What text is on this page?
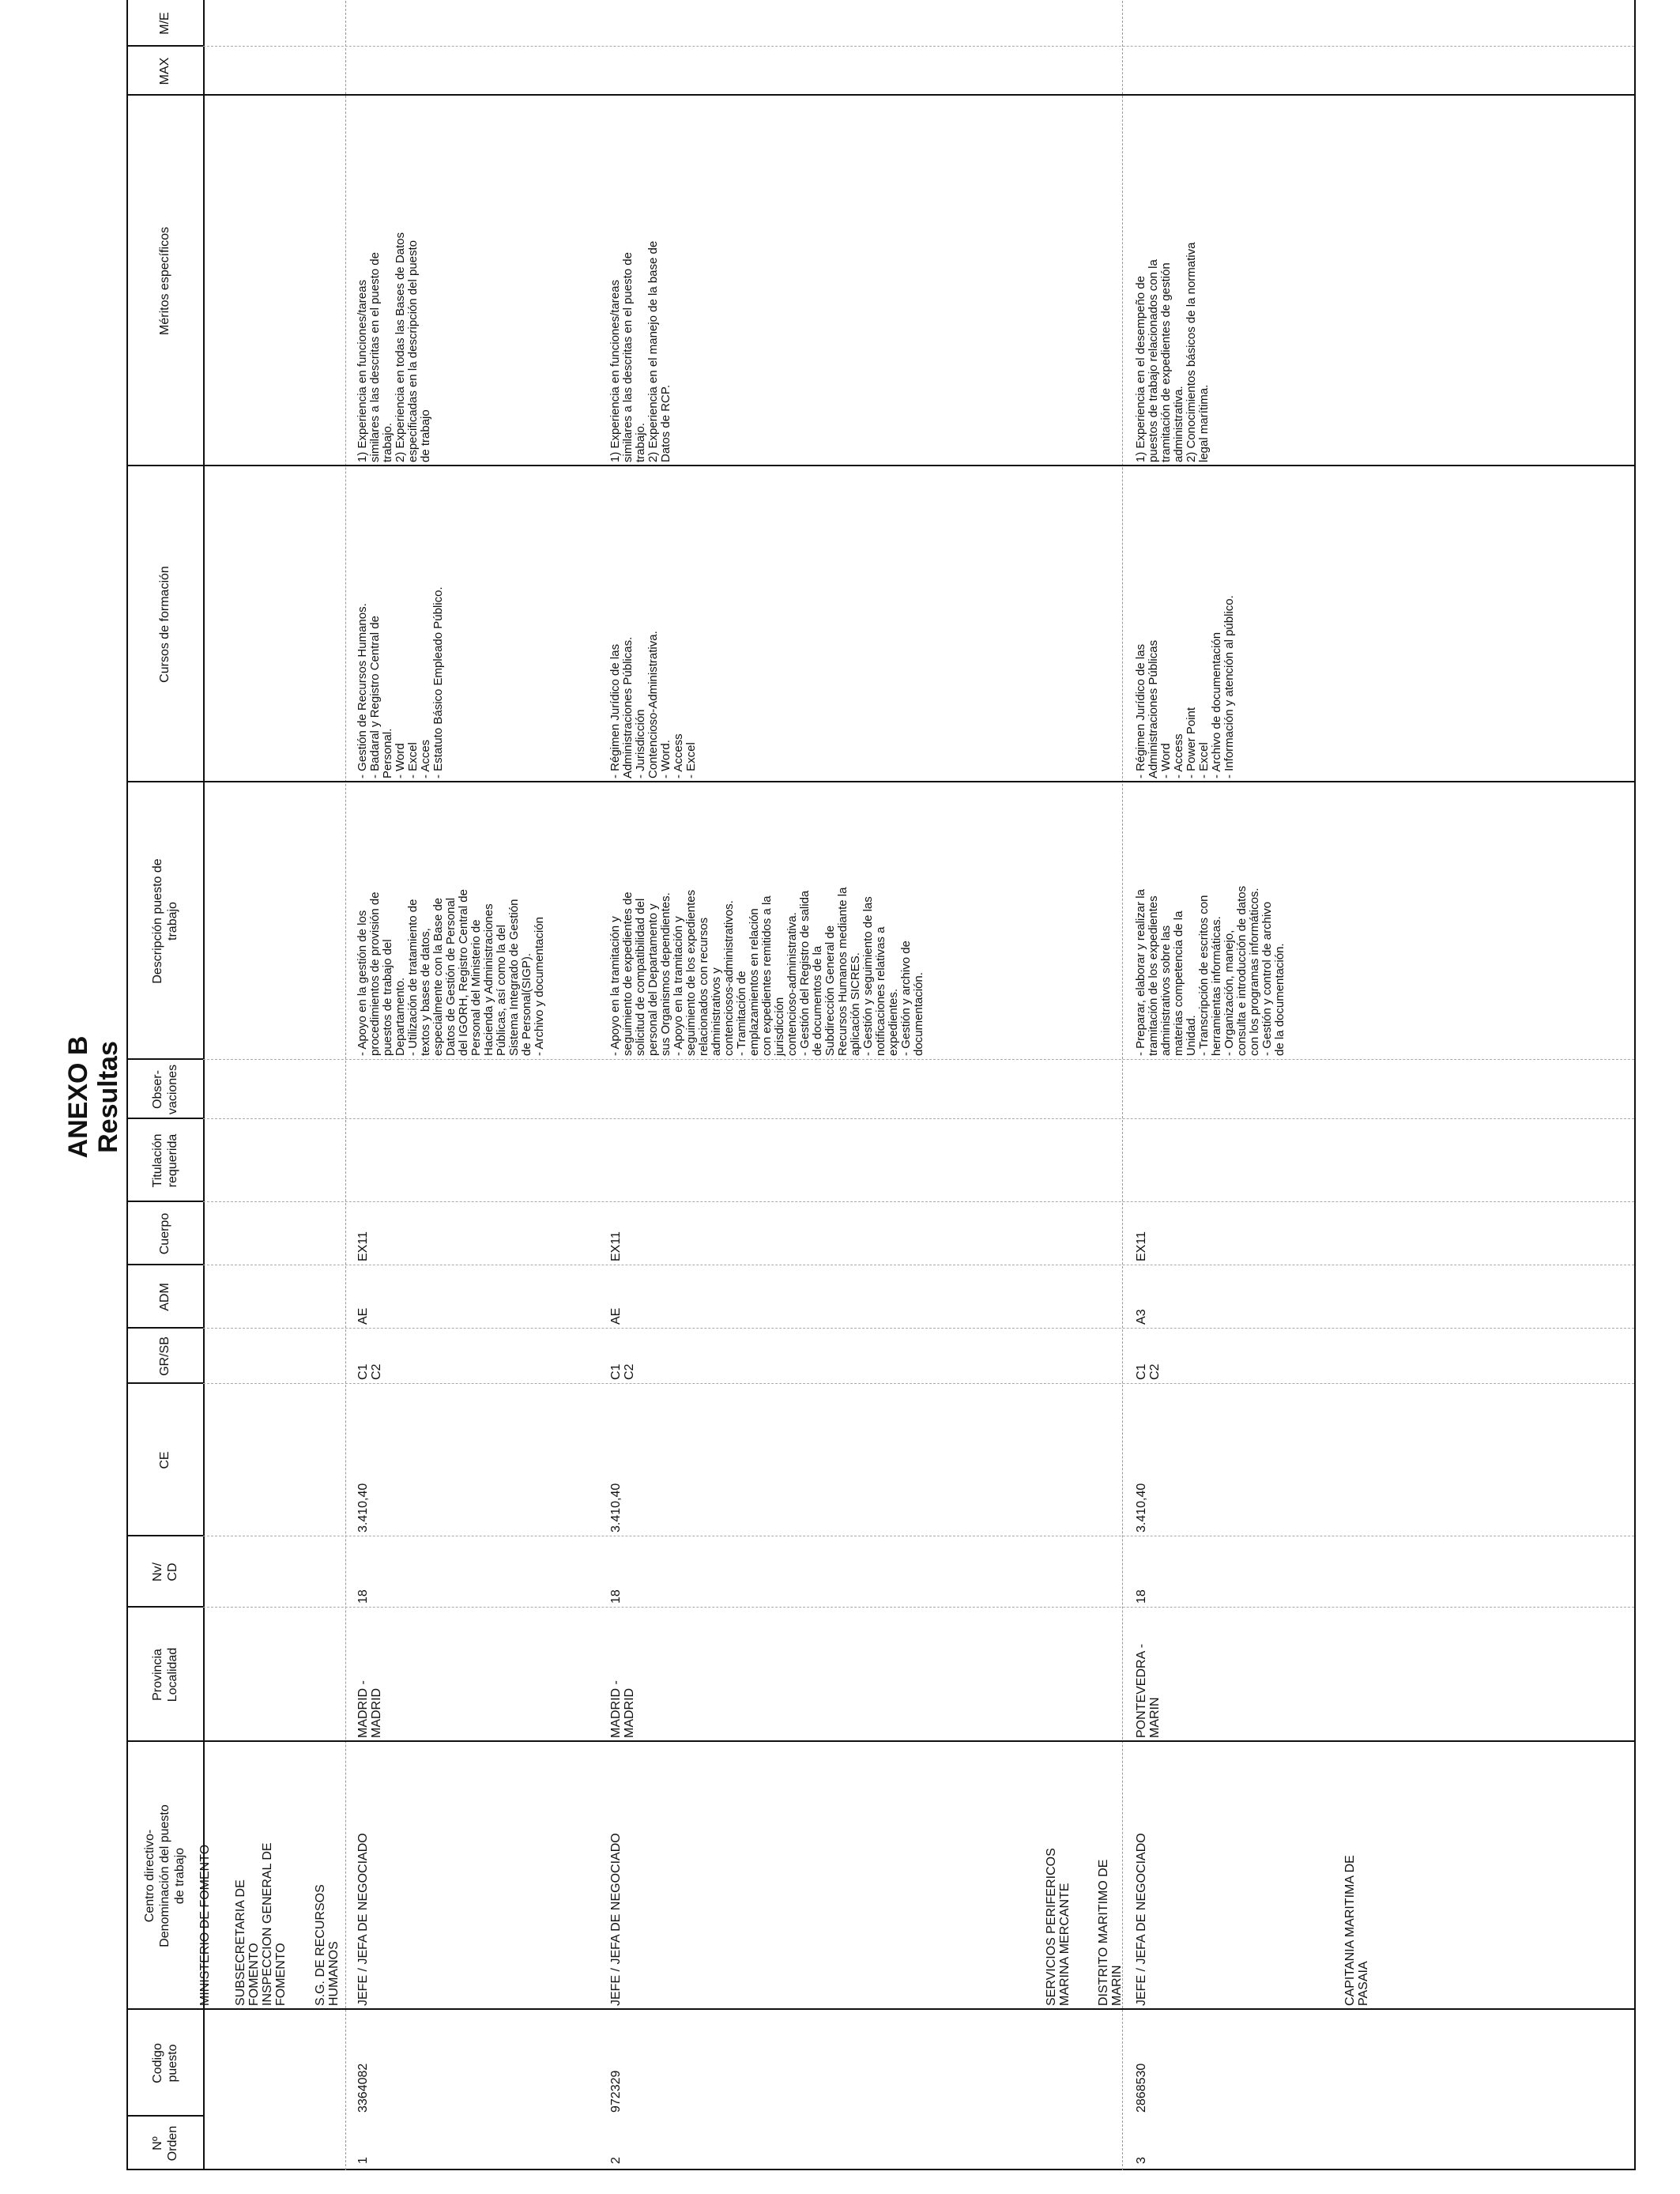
ANEXO B Resultas
Nº
Orden
Codigo
puesto
Centro directivo-
Denominación del puesto
de trabajo
Provincia
Localidad
Nv/
CD
CE
GR/SB
ADM
Cuerpo
Titulación
requerida
Obser-
vaciones
Descripción puesto de
trabajo
Cursos de formación
Méritos específicos
MAX
M/E
MINISTERIO DE FOMENTO SUBSECRETARIA DE
FOMENTO INSPECCION GENERAL DE
FOMENTO S.G. DE RECURSOS
HUMANOS	SERVICIOS PERIFERICOS
MARINA MERCANTE
DISTRITO MARITIMO DE
MARIN	CAPITANIA MARITIMA DE
PASAIA
1
3364082
JEFE / JEFA DE NEGOCIADO
MADRID -
MADRID
18
3.410,40
C1
C2
AE
EX11
- Apoyo en la gestión de los
procedimientos de provisión de
puestos de trabajo del
Departamento.
- Utilización de tratamiento de
textos y bases de datos,
especialmente con la Base de
Datos de Gestión de Personal
del IGORH, Registro Central de
Personal del Ministerio de
Hacienda y Administraciones
Públicas, así como la del
Sistema Integrado de Gestión
de Personal(SIGP).
- Archivo y documentación
- Gestión de Recursos Humanos.
- Badaral y Registro Central de
Personal.
- Word
- Excel
- Acces
- Estatuto Básico Empleado Público.
1) Experiencia en funciones/tareas
similares a las descritas en el puesto de
trabajo.
2) Experiencia en todas las Bases de Datos
especificadas en la descripción del puesto
de trabajo
2
972329
JEFE / JEFA DE NEGOCIADO
MADRID -
MADRID
18
3.410,40
C1
C2
AE
EX11
- Apoyo en la tramitación y
seguimiento de expedientes de
solicitud de compatibilidad del
personal del Departamento y
sus Organismos dependientes.
- Apoyo en la tramitación y
seguimiento de los expedientes
relacionados con recursos
administrativos y
contenciosos-administrativos.
- Tramitación de
emplazamientos en relación
con expedientes remitidos a la
jurisdicción
contencioso-administrativa.
- Gestión del Registro de salida
de documentos de la
Subdirección General de
Recursos Humanos mediante la
aplicación SICRES.
- Gestión y seguimiento de las
notificaciones relativas a
expedientes.
- Gestión y archivo de
documentación.
- Régimen Jurídico de las
Administraciones Públicas.
- Jurisdicción
Contencioso-Administrativa.
- Word.
- Access
- Excel
1) Experiencia en funciones/tareas
similares a las descritas en el puesto de
trabajo.
2) Experiencia en el manejo de la base de
Datos de RCP.
3
2868530
JEFE / JEFA DE NEGOCIADO
PONTEVEDRA -
MARIN
18
3.410,40
C1
C2
A3
EX11
- Preparar, elaborar y realizar la
tramitación de los expedientes
administrativos sobre las
materias competencia de la
Unidad.
- Transcripción de escritos con
herramientas informáticas.
- Organización, manejo,
consulta e introducción de datos
con los programas informáticos.
- Gestión y control de archivo
de la documentación.
- Régimen Jurídico de las
Administraciones Públicas
- Word
- Access
- Power Point
- Excel
- Archivo de documentación
- Información y atención al público.
1) Experiencia en el desempeño de
puestos de trabajo relacionados con la
tramitación de expedientes de gestión
administrativa.
2) Conocimientos básicos de la normativa
legal marítima.
